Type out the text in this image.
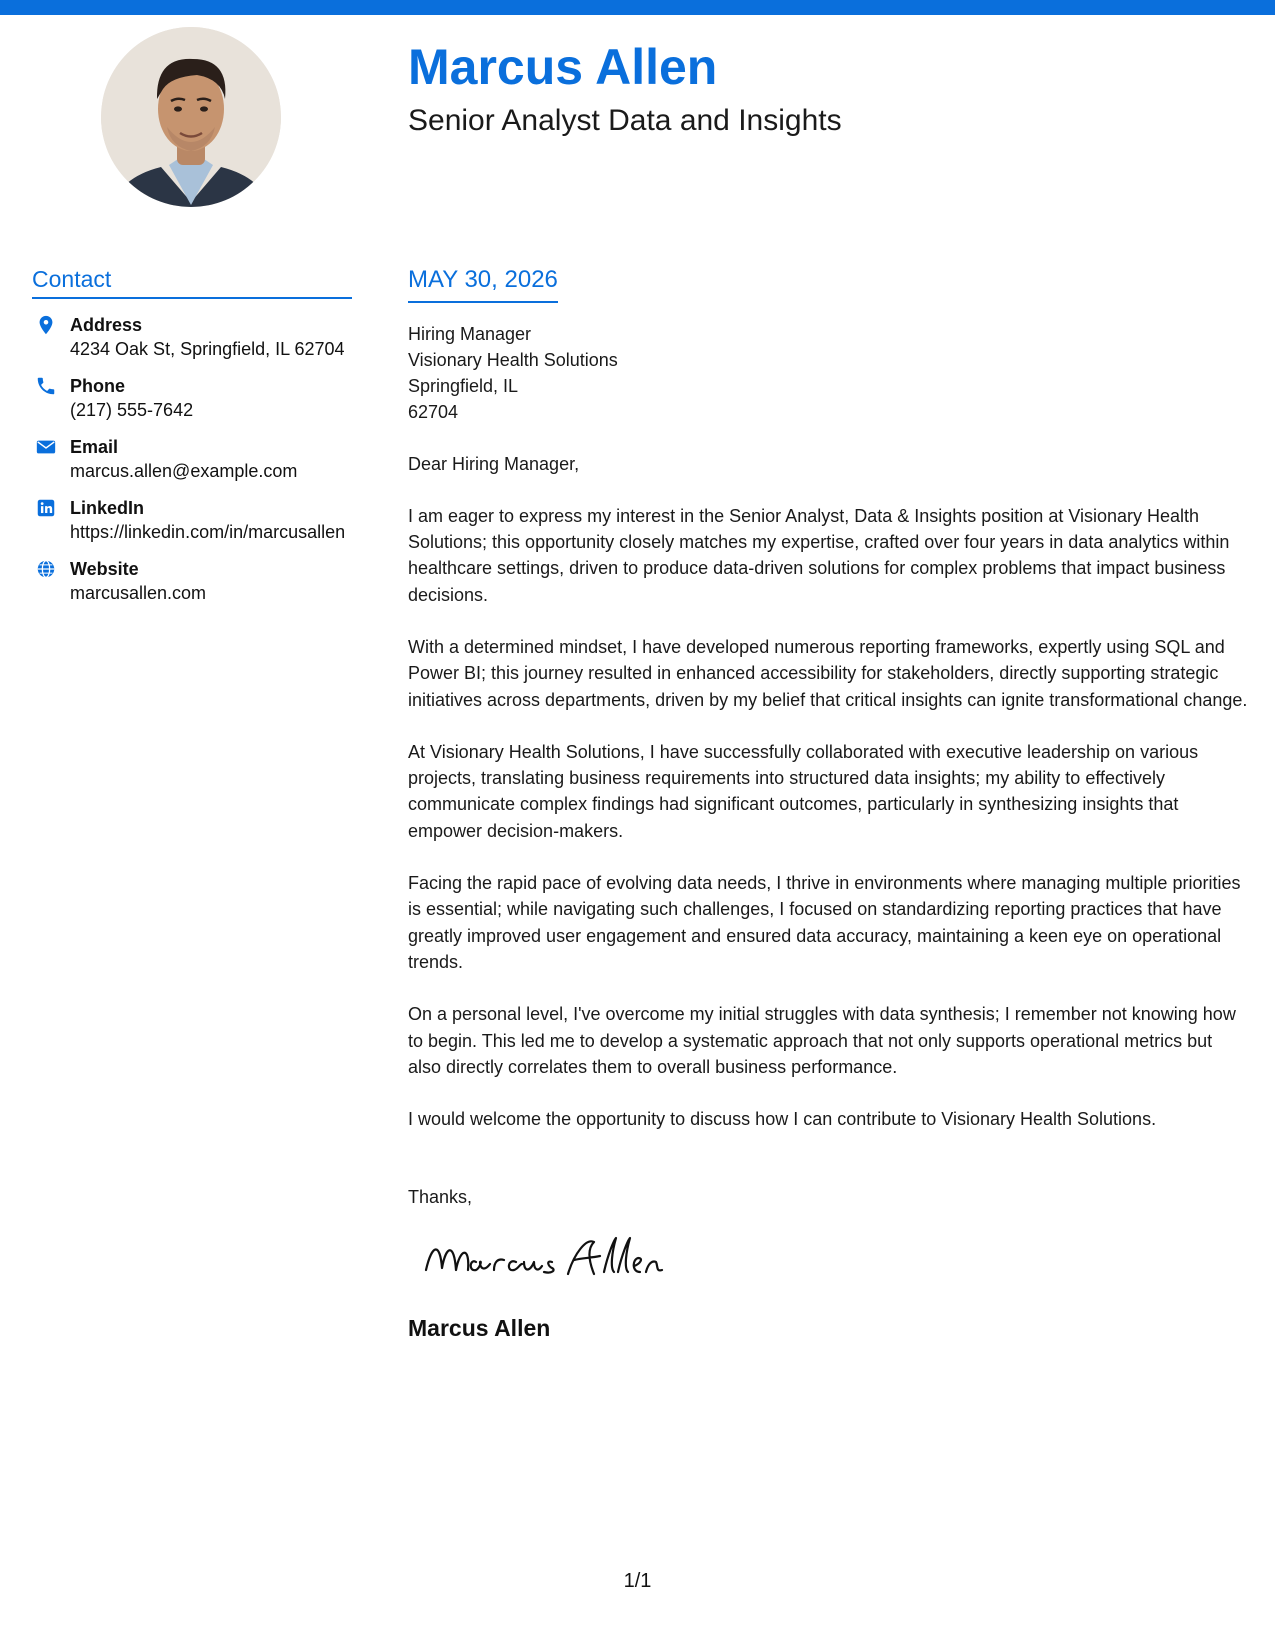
Marcus Allen
Senior Analyst Data and Insights
Contact
Address
4234 Oak St, Springfield, IL 62704
Phone
(217) 555-7642
Email
marcus.allen@example.com
LinkedIn
https://linkedin.com/in/marcusallen
Website
marcusallen.com
MAY 30, 2026
Hiring Manager
Visionary Health Solutions
Springfield, IL
62704
Dear Hiring Manager,
I am eager to express my interest in the Senior Analyst, Data & Insights position at Visionary Health Solutions; this opportunity closely matches my expertise, crafted over four years in data analytics within healthcare settings, driven to produce data-driven solutions for complex problems that impact business decisions.
With a determined mindset, I have developed numerous reporting frameworks, expertly using SQL and Power BI; this journey resulted in enhanced accessibility for stakeholders, directly supporting strategic initiatives across departments, driven by my belief that critical insights can ignite transformational change.
At Visionary Health Solutions, I have successfully collaborated with executive leadership on various projects, translating business requirements into structured data insights; my ability to effectively communicate complex findings had significant outcomes, particularly in synthesizing insights that empower decision-makers.
Facing the rapid pace of evolving data needs, I thrive in environments where managing multiple priorities is essential; while navigating such challenges, I focused on standardizing reporting practices that have greatly improved user engagement and ensured data accuracy, maintaining a keen eye on operational trends.
On a personal level, I've overcome my initial struggles with data synthesis; I remember not knowing how to begin. This led me to develop a systematic approach that not only supports operational metrics but also directly correlates them to overall business performance.
I would welcome the opportunity to discuss how I can contribute to Visionary Health Solutions.
Thanks,
Marcus Allen
1/1
